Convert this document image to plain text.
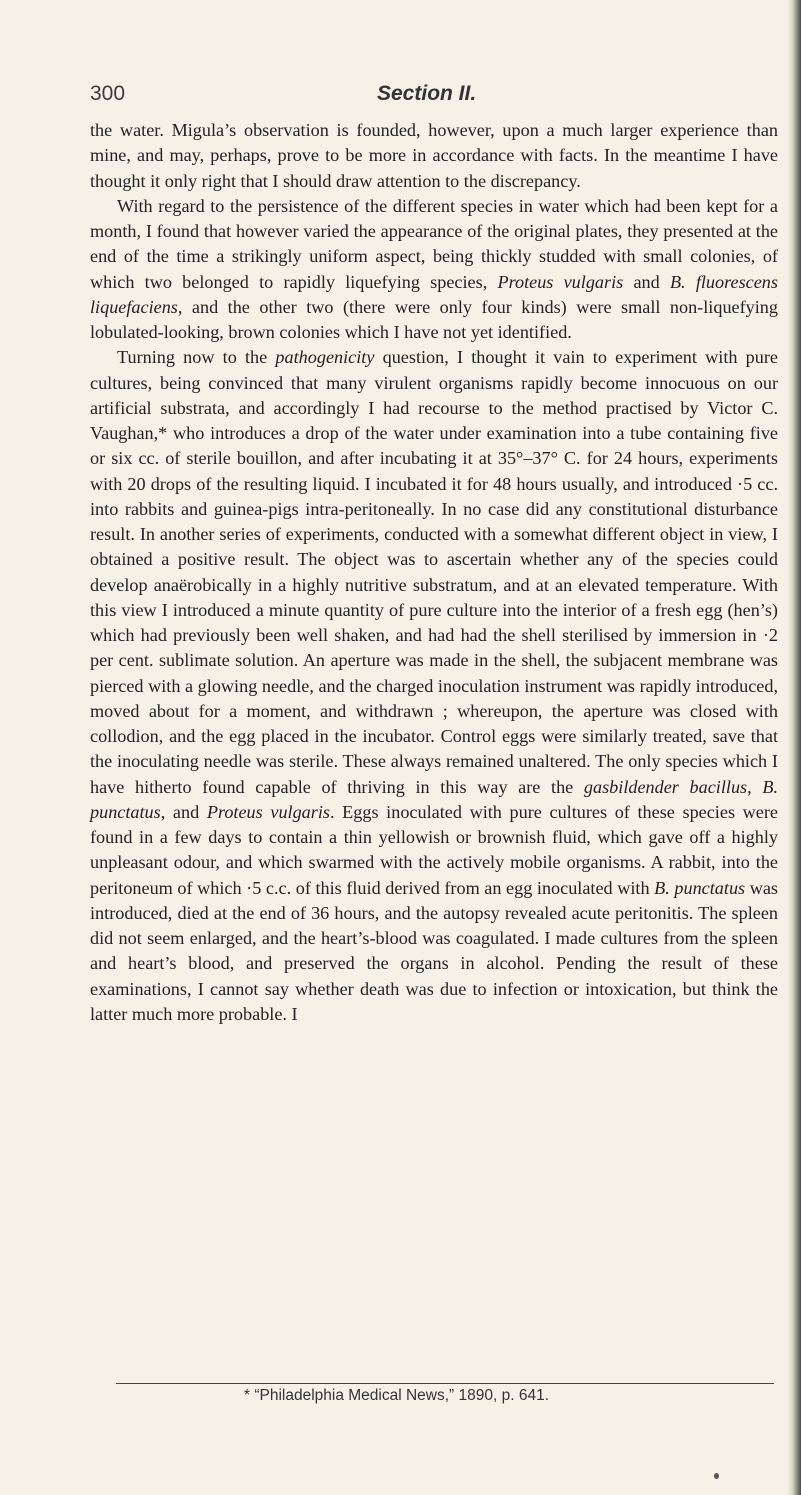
300	Section II.

the water. Migula’s observation is founded, however, upon a much larger experience than mine, and may, perhaps, prove to be more in accordance with facts. In the meantime I have thought it only right that I should draw attention to the discrepancy.

With regard to the persistence of the different species in water which had been kept for a month, I found that however varied the appearance of the original plates, they presented at the end of the time a strikingly uniform aspect, being thickly studded with small colonies, of which two belonged to rapidly liquefying species, Proteus vulgaris and B. fluorescens liquefaciens, and the other two (there were only four kinds) were small non-liquefying lobulated-looking, brown colonies which I have not yet identified.

Turning now to the pathogenicity question, I thought it vain to experiment with pure cultures, being convinced that many virulent organisms rapidly become innocuous on our artificial substrata, and accordingly I had recourse to the method practised by Victor C. Vaughan,* who introduces a drop of the water under examination into a tube containing five or six cc. of sterile bouillon, and after incubating it at 35°–37° C. for 24 hours, experiments with 20 drops of the resulting liquid. I incubated it for 48 hours usually, and introduced ·5 cc. into rabbits and guinea-pigs intra-peritoneally. In no case did any constitutional disturbance result. In another series of experiments, conducted with a somewhat different object in view, I obtained a positive result. The object was to ascertain whether any of the species could develop anaërobically in a highly nutritive substratum, and at an elevated temperature. With this view I introduced a minute quantity of pure culture into the interior of a fresh egg (hen’s) which had previously been well shaken, and had had the shell sterilised by immersion in ·2 per cent. sublimate solution. An aperture was made in the shell, the subjacent membrane was pierced with a glowing needle, and the charged inoculation instrument was rapidly introduced, moved about for a moment, and withdrawn ; whereupon, the aperture was closed with collodion, and the egg placed in the incubator. Control eggs were similarly treated, save that the inoculating needle was sterile. These always remained unaltered. The only species which I have hitherto found capable of thriving in this way are the gasbildender bacillus, B. punctatus, and Proteus vulgaris. Eggs inoculated with pure cultures of these species were found in a few days to contain a thin yellowish or brownish fluid, which gave off a highly unpleasant odour, and which swarmed with the actively mobile organisms. A rabbit, into the peritoneum of which ·5 c.c. of this fluid derived from an egg inoculated with B. punctatus was introduced, died at the end of 36 hours, and the autopsy revealed acute peritonitis. The spleen did not seem enlarged, and the heart’s-blood was coagulated. I made cultures from the spleen and heart’s blood, and preserved the organs in alcohol. Pending the result of these examinations, I cannot say whether death was due to infection or intoxication, but think the latter much more probable. I

* “Philadelphia Medical News,” 1890, p. 641.
